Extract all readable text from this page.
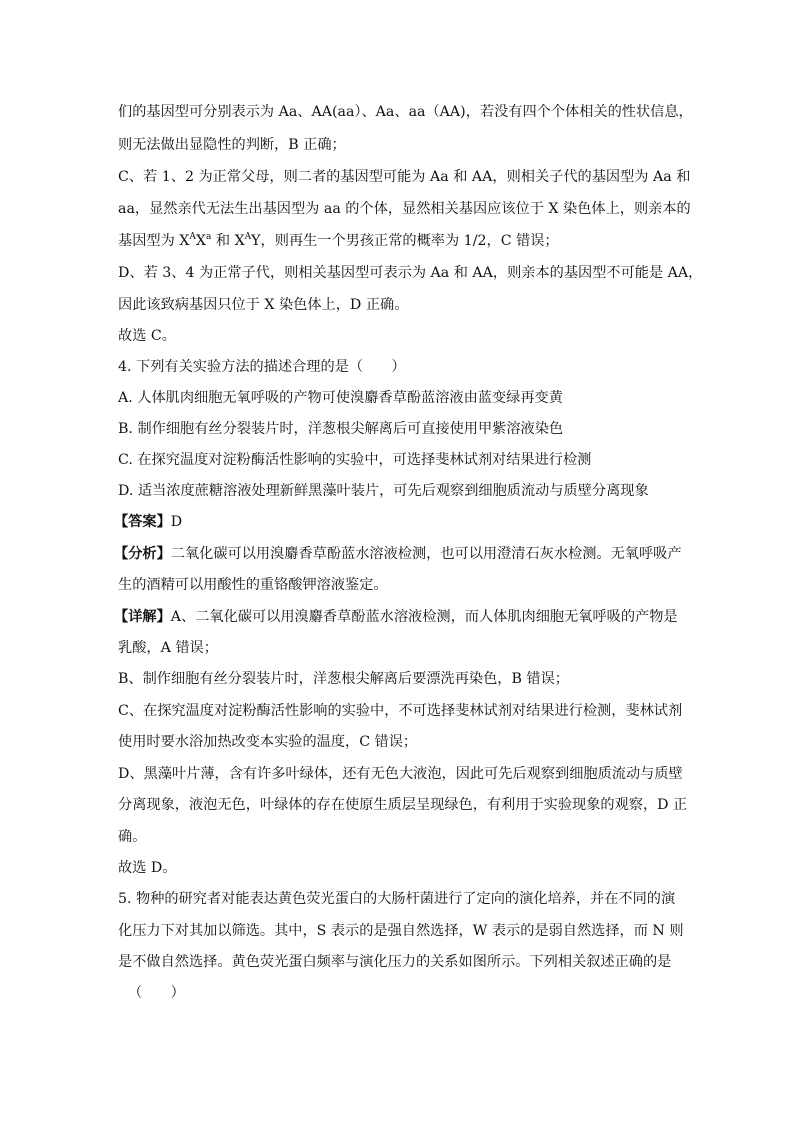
们的基因型可分别表示为 Aa、AA(aa）、Aa、aa（AA)，若没有四个个体相关的性状信息，
则无法做出显隐性的判断，B 正确；
C、若 1、2 为正常父母，则二者的基因型可能为 Aa 和 AA，则相关子代的基因型为 Aa 和
aa，显然亲代无法生出基因型为 aa 的个体，显然相关基因应该位于 X 染色体上，则亲本的
基因型为 $X^AX^a$ 和 $X^AY$，则再生一个男孩正常的概率为 1/2，C 错误；
D、若 3、4 为正常子代，则相关基因型可表示为 Aa 和 AA，则亲本的基因型不可能是 AA，
因此该致病基因只位于 X 染色体上，D 正确。
故选 C。
4. 下列有关实验方法的描述合理的是（　　）
A. 人体肌肉细胞无氧呼吸的产物可使溴麝香草酚蓝溶液由蓝变绿再变黄
B. 制作细胞有丝分裂装片时，洋葱根尖解离后可直接使用甲紫溶液染色
C. 在探究温度对淀粉酶活性影响的实验中，可选择斐林试剂对结果进行检测
D. 适当浓度蔗糖溶液处理新鲜黑藻叶装片，可先后观察到细胞质流动与质壁分离现象
【答案】D
【分析】二氧化碳可以用溴麝香草酚蓝水溶液检测，也可以用澄清石灰水检测。无氧呼吸产
生的酒精可以用酸性的重铬酸钾溶液鉴定。
【详解】A、二氧化碳可以用溴麝香草酚蓝水溶液检测，而人体肌肉细胞无氧呼吸的产物是
乳酸，A 错误；
B、制作细胞有丝分裂装片时，洋葱根尖解离后要漂洗再染色，B 错误；
C、在探究温度对淀粉酶活性影响的实验中，不可选择斐林试剂对结果进行检测，斐林试剂
使用时要水浴加热改变本实验的温度，C 错误；
D、黑藻叶片薄，含有许多叶绿体，还有无色大液泡，因此可先后观察到细胞质流动与质壁
分离现象，液泡无色，叶绿体的存在使原生质层呈现绿色，有利用于实验现象的观察，D 正
确。
故选 D。
5. 物种的研究者对能表达黄色荧光蛋白的大肠杆菌进行了定向的演化培养，并在不同的演
化压力下对其加以筛选。其中，S 表示的是强自然选择，W 表示的是弱自然选择，而 N 则
是不做自然选择。黄色荧光蛋白频率与演化压力的关系如图所示。下列相关叙述正确的是
（　　）
